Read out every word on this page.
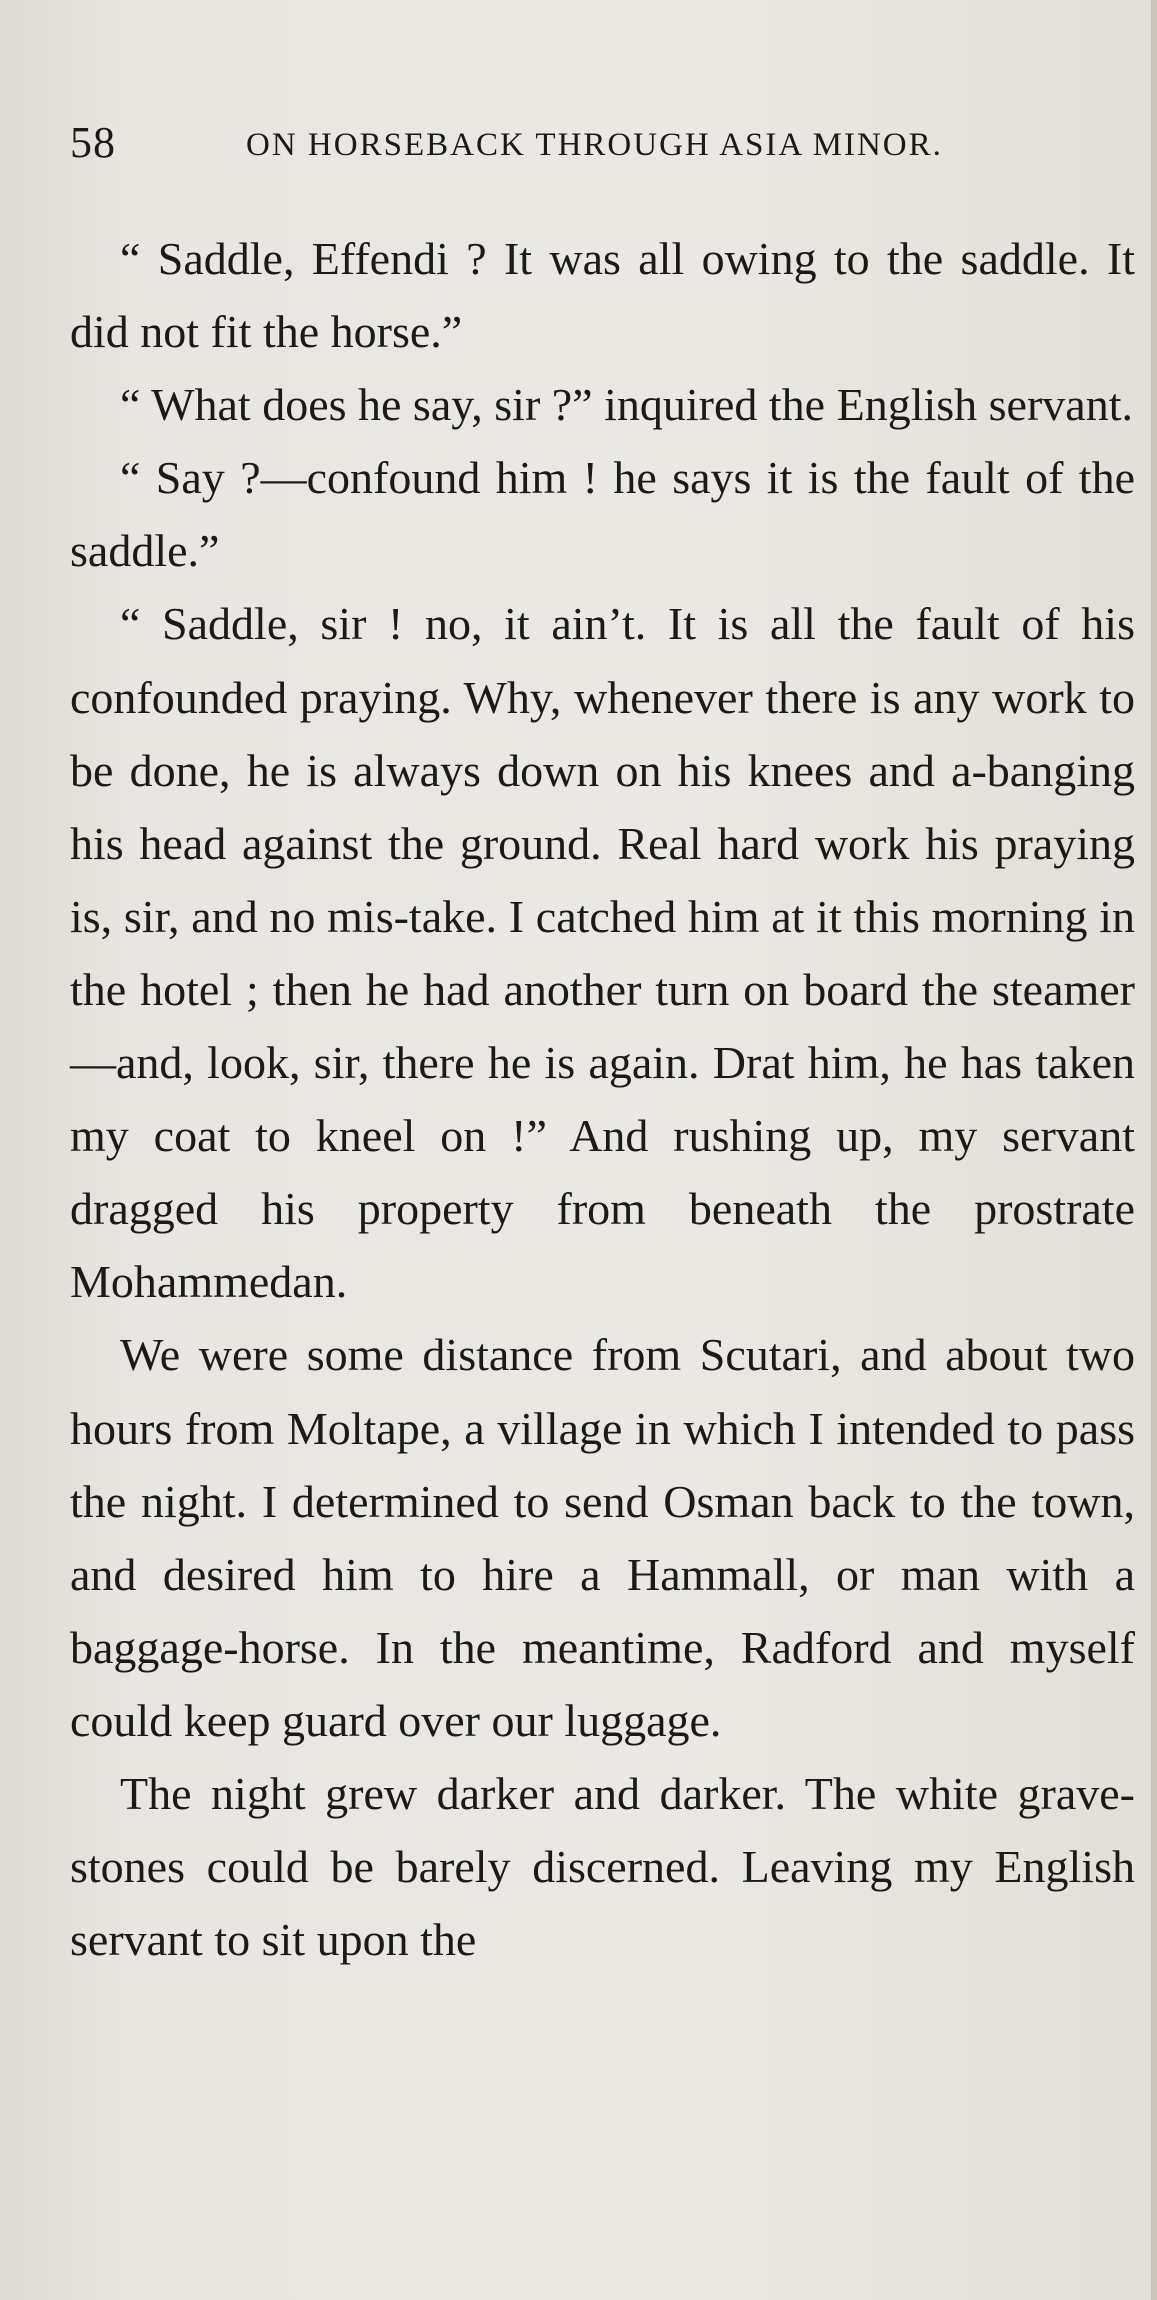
58	ON HORSEBACK THROUGH ASIA MINOR.

“ Saddle, Effendi ? It was all owing to the saddle. It did not fit the horse.”

“ What does he say, sir ?” inquired the English servant.

“ Say ?—confound him ! he says it is the fault of the saddle.”

“ Saddle, sir ! no, it ain’t. It is all the fault of his confounded praying. Why, whenever there is any work to be done, he is always down on his knees and a-banging his head against the ground. Real hard work his praying is, sir, and no mis-take. I catched him at it this morning in the hotel ; then he had another turn on board the steamer—and, look, sir, there he is again. Drat him, he has taken my coat to kneel on !” And rushing up, my servant dragged his property from beneath the prostrate Mohammedan.

We were some distance from Scutari, and about two hours from Moltape, a village in which I intended to pass the night. I determined to send Osman back to the town, and desired him to hire a Hammall, or man with a baggage-horse. In the meantime, Radford and myself could keep guard over our luggage.

The night grew darker and darker. The white grave-stones could be barely discerned. Leaving my English servant to sit upon the
